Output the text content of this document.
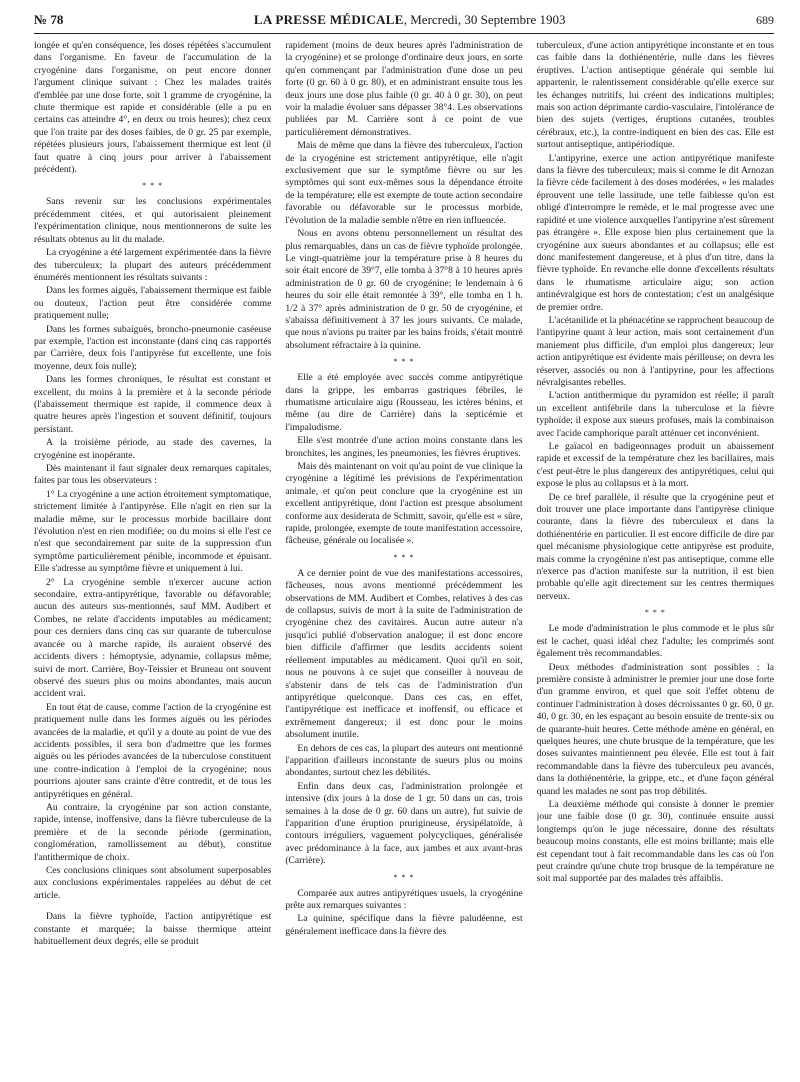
№ 78	LA PRESSE MÉDICALE, Mercredi, 30 Septembre 1903	689

longée et qu'en conséquence, les doses répétées s'accumulent dans l'organisme. En faveur de l'accumulation de la cryogénine dans l'organisme, on peut encore donner l'argument clinique suivant : Chez les malades traités d'emblée par une dose forte, soit 1 gramme de cryogénine, la chute thermique est rapide et considérable (elle a pu en certains cas atteindre 4°, en deux ou trois heures); chez ceux que l'on traite par des doses faibles, de 0 gr. 25 par exemple, répétées plusieurs jours, l'abaissement thermique est lent (il faut quatre à cinq jours pour arriver à l'abaissement précédent).

* * *

Sans revenir sur les conclusions expérimentales précédemment citées, et qui autorisaient pleinement l'expérimentation clinique, nous mentionnerons de suite les résultats obtenus au lit du malade.

La cryogénine a été largement expérimentée dans la fièvre des tuberculeux; la plupart des auteurs précédemment énumérés mentionnent les résultats suivants :

Dans les formes aiguës, l'abaissement thermique est faible ou douteux, l'action peut être considérée comme pratiquement nulle;

Dans les formes subaiguës, broncho-pneumonie caséeuse par exemple, l'action est inconstante (dans cinq cas rapportés par Carrière, deux fois l'antipyrèse fut excellente, une fois moyenne, deux fois nulle);

Dans les formes chroniques, le résultat est constant et excellent, du moins à la première et à la seconde période (l'abaissement thermique est rapide, il commence deux à quatre heures après l'ingestion et souvent définitif, toujours persistant.

A la troisième période, au stade des cavernes, la cryogénine est inopérante.

Dès maintenant il faut signaler deux remarques capitales, faites par tous les observateurs :

1° La cryogénine a une action étroitement symptomatique, strictement limitée à l'antipyrèse. Elle n'agit en rien sur la maladie même, sur le processus morbide bacillaire dont l'évolution n'est en rien modifiée; ou du moins si elle l'est ce n'est que secondairement par suite de la suppression d'un symptôme particulièrement pénible, incommode et épuisant. Elle s'adresse au symptôme fièvre et uniquement à lui.

2° La cryogénine semble n'exercer aucune action secondaire, extra-antipyrétique, favorable ou défavorable; aucun des auteurs sus-mentionnés, sauf MM. Audibert et Combes, ne relate d'accidents imputables au médicament; pour ces derniers dans cinq cas sur quarante de tuberculose avancée ou à marche rapide, ils auraient observé des accidents divers : hémoptysie, adynamie, collapsus même, suivi de mort. Carrière, Boy-Teissier et Bruneau ont souvent observé des sueurs plus ou moins abondantes, mais aucun accident vrai.

En tout état de cause, comme l'action de la cryogénine est pratiquement nulle dans les formes aiguës ou les périodes avancées de la maladie, et qu'il y a doute au point de vue des accidents possibles, il sera bon d'admettre que les formes aiguës ou les périodes avancées de la tuberculose constituent une contre-indication à l'emploi de la cryogénine; nous pourrions ajouter sans crainte d'être contredit, et de tous les antipyrétiques en général.

Au contraire, la cryogénine par son action constante, rapide, intense, inoffensive, dans la fièvre tuberculeuse de la première et de la seconde période (germination, conglomération, ramollissement au début), constitue l'antithermique de choix.

Ces conclusions cliniques sont absolument superposables aux conclusions expérimentales rappelées au début de cet article.

Dans la fièvre typhoïde, l'action antipyrétique est constante et marquée; la baisse thermique atteint habituellement deux degrés, elle se produit

rapidement (moins de deux heures après l'administration de la cryogénine) et se prolonge d'ordinaire deux jours, en sorte qu'en commençant par l'administration d'une dose un peu forte (0 gr. 60 à 0 gr. 80), et en administrant ensuite tous les deux jours une dose plus faible (0 gr. 40 à 0 gr. 30), on peut voir la maladie évoluer sans dépasser 38°4. Les observations publiées par M. Carrière sont à ce point de vue particulièrement démonstratives.

Mais de même que dans la fièvre des tuberculeux, l'action de la cryogénine est strictement antipyrétique, elle n'agit exclusivement que sur le symptôme fièvre ou sur les symptômes qui sont eux-mêmes sous la dépendance étroite de la température; elle est exempte de toute action secondaire favorable ou défavorable sur le processus morbide, l'évolution de la maladie semble n'être en rien influencée.

Nous en avons obtenu personnellement un résultat des plus remarquables, dans un cas de fièvre typhoïde prolongée. Le vingt-quatrième jour la température prise à 8 heures du soir était encore de 39°7, elle tomba à 37°8 à 10 heures après administration de 0 gr. 60 de cryogénine; le lendemain à 6 heures du soir elle était remontée à 39°, elle tomba en 1 h. 1/2 à 37° après administration de 0 gr. 50 de cryogénine, et s'abaissa définitivement à 37 les jours suivants. Ce malade, que nous n'avions pu traiter par les bains froids, s'était montré absolument réfractaire à la quinine.

* * *

Elle a été employée avec succès comme antipyrétique dans la grippe, les embarras gastriques fébriles, le rhumatisme articulaire aigu (Rousseau, les ictères bénins, et même (au dire de Carrière) dans la septicémie et l'impaludisme.

Elle s'est montrée d'une action moins constante dans les bronchites, les angines, les pneumonies, les fièvres éruptives.

Mais dès maintenant on voit qu'au point de vue clinique la cryogénine a légitimé les prévisions de l'expérimentation animale, et qu'on peut conclure que la cryogénine est un excellent antipyrétique, dont l'action est presque absolument conforme aux desiderata de Schmitt, savoir, qu'elle est « sûre, rapide, prolongée, exempte de toute manifestation accessoire, fâcheuse, générale ou localisée ».

* * *

A ce dernier point de vue des manifestations accessoires, fâcheuses, nous avons mentionné précédemment les observations de MM. Audibert et Combes, relatives à des cas de collapsus, suivis de mort à la suite de l'administration de cryogénine chez des cavitaires. Aucun autre auteur n'a jusqu'ici publié d'observation analogue; il est donc encore bien difficile d'affirmer que lesdits accidents soient réellement imputables au médicament. Quoi qu'il en soit, nous ne pouvons à ce sujet que conseiller à nouveau de s'abstenir dans de tels cas de l'administration d'un antipyrétique quelconque. Dans ces cas, en effet, l'antipyrétique est inefficace et inoffensif, ou efficace et extrêmement dangereux; il est donc pour le moins absolument inutile.

En dehors de ces cas, la plupart des auteurs ont mentionné l'apparition d'ailleurs inconstante de sueurs plus ou moins abondantes, surtout chez les débilités.

Enfin dans deux cas, l'administration prolongée et intensive (dix jours à la dose de 1 gr. 50 dans un cas, trois semaines à la dose de 0 gr. 60 dans un autre), fut suivie de l'apparition d'une éruption prurigineuse, érysipélatoïde, à contours irréguliers, vaguement polycycliques, généralisée avec prédominance à la face, aux jambes et aux avant-bras (Carrière).

* * *

Comparée aux autres antipyrétiques usuels, la cryogénine prête aux remarques suivantes :

La quinine, spécifique dans la fièvre paludéenne, est généralement inefficace dans la fièvre des

tuberculeux, d'une action antipyrétique inconstante et en tous cas faible dans la dothiénentérie, nulle dans les fièvres éruptives. L'action antiseptique générale qui semble lui appartenir, le ralentissement considérable qu'elle exerce sur les échanges nutritifs, lui créent des indications multiples; mais son action déprimante cardio-vasculaire, l'intolérance de bien des sujets (vertiges, éruptions cutanées, troubles cérébraux, etc.), la contre-indiquent en bien des cas. Elle est surtout antiseptique, antipériodique.

L'antipyrine, exerce une action antipyrétique manifeste dans la fièvre des tuberculeux; mais si comme le dit Arnozan la fièvre cède facilement à des doses modérées, « les malades éprouvent une telle lassitude, une telle faiblesse qu'on est obligé d'interrompre le remède, et le mal progresse avec une rapidité et une violence auxquelles l'antipyrine n'est sûrement pas étrangère ». Elle expose bien plus certainement que la cryogénine aux sueurs abondantes et au collapsus; elle est donc manifestement dangereuse, et à plus d'un titre, dans la fièvre typhoïde. En revanche elle donne d'excellents résultats dans le rhumatisme articulaire aigu; son action antinévralgique est hors de contestation; c'est un analgésique de premier ordre.

L'acétanilide et la phénacétine se rapprochent beaucoup de l'antipyrine quant à leur action, mais sont certainement d'un maniement plus difficile, d'un emploi plus dangereux; leur action antipyrétique est évidente mais périlleuse; on devra les réserver, associés ou non à l'antipyrine, pour les affections névralgisantes rebelles.

L'action antithermique du pyramidon est réelle; il paraît un excellent antifébrile dans la tuberculose et la fièvre typhoïde; il expose aux sueurs profuses, mais la combinaison avec l'acide camphorique paraît atténuer cet inconvénient.

Le gaïacol en badigeonnages produit un abaissement rapide et excessif de la température chez les bacillaires, mais c'est peut-être le plus dangereux des antipyrétiques, celui qui expose le plus au collapsus et à la mort.

De ce bref parallèle, il résulte que la cryogénine peut et doit trouver une place importante dans l'antipyrèse clinique courante, dans la fièvre des tuberculeux et dans la dothiénentérie en particulier. Il est encore difficile de dire par quel mécanisme physiologique cette antipyrèse est produite, mais comme la cryogénine n'est pas antiseptique, comme elle n'exerce pas d'action manifeste sur la nutrition, il est bien probable qu'elle agit directement sur les centres thermiques nerveux.

* * *

Le mode d'administration le plus commode et le plus sûr est le cachet, quasi idéal chez l'adulte; les comprimés sont également très recommandables.

Deux méthodes d'administration sont possibles : la première consiste à administrer le premier jour une dose forte d'un gramme environ, et quel que soit l'effet obtenu de continuer l'administration à doses décroissantes 0 gr. 60, 0 gr. 40, 0 gr. 30, en les espaçant au besoin ensuite de trente-six ou de quarante-huit heures. Cette méthode amène en général, en quelques heures, une chute brusque de la température, que les doses suivantes maintiennent peu élevée. Elle est tout à fait recommandable dans la fièvre des tuberculeux peu avancés, dans la dothiénentérie, la grippe, etc., et d'une façon général quand les malades ne sont pas trop débilités.

La deuxième méthode qui consiste à donner le premier jour une faible dose (0 gr. 30), continuée ensuite aussi longtemps qu'on le juge nécessaire, donne des résultats beaucoup moins constants, elle est moins brillante; mais elle est cependant tout à fait recommandable dans les cas où l'on peut craindre qu'une chute trop brusque de la température ne soit mal supportée par des malades très affaiblis.
